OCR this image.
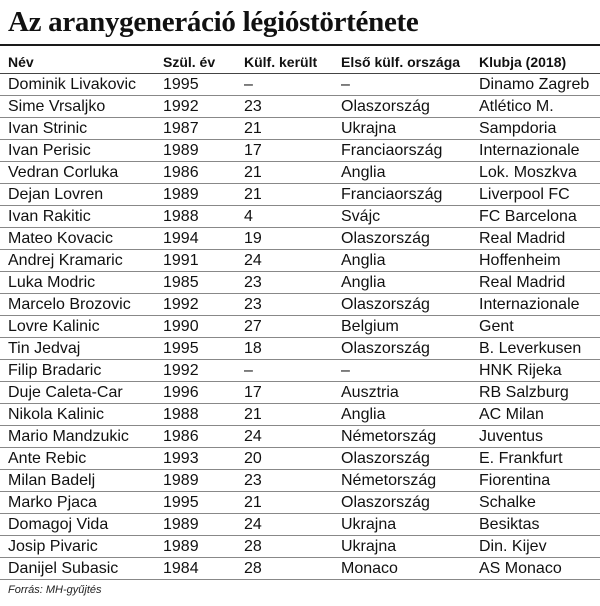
Az aranygeneráció légióstörténete
Név	Szül. év	Külf. került	Első külf. országa	Klubja (2018)
Dominik Livakovic	1995	–	–	Dinamo Zagreb
Sime Vrsaljko	1992	23	Olaszország	Atlético M.
Ivan Strinic	1987	21	Ukrajna	Sampdoria
Ivan Perisic	1989	17	Franciaország	Internazionale
Vedran Corluka	1986	21	Anglia	Lok. Moszkva
Dejan Lovren	1989	21	Franciaország	Liverpool FC
Ivan Rakitic	1988	4	Svájc	FC Barcelona
Mateo Kovacic	1994	19	Olaszország	Real Madrid
Andrej Kramaric	1991	24	Anglia	Hoffenheim
Luka Modric	1985	23	Anglia	Real Madrid
Marcelo Brozovic	1992	23	Olaszország	Internazionale
Lovre Kalinic	1990	27	Belgium	Gent
Tin Jedvaj	1995	18	Olaszország	B. Leverkusen
Filip Bradaric	1992	–	–	HNK Rijeka
Duje Caleta-Car	1996	17	Ausztria	RB Salzburg
Nikola Kalinic	1988	21	Anglia	AC Milan
Mario Mandzukic	1986	24	Németország	Juventus
Ante Rebic	1993	20	Olaszország	E. Frankfurt
Milan Badelj	1989	23	Németország	Fiorentina
Marko Pjaca	1995	21	Olaszország	Schalke
Domagoj Vida	1989	24	Ukrajna	Besiktas
Josip Pivaric	1989	28	Ukrajna	Din. Kijev
Danijel Subasic	1984	28	Monaco	AS Monaco
Forrás: MH-gyűjtés
